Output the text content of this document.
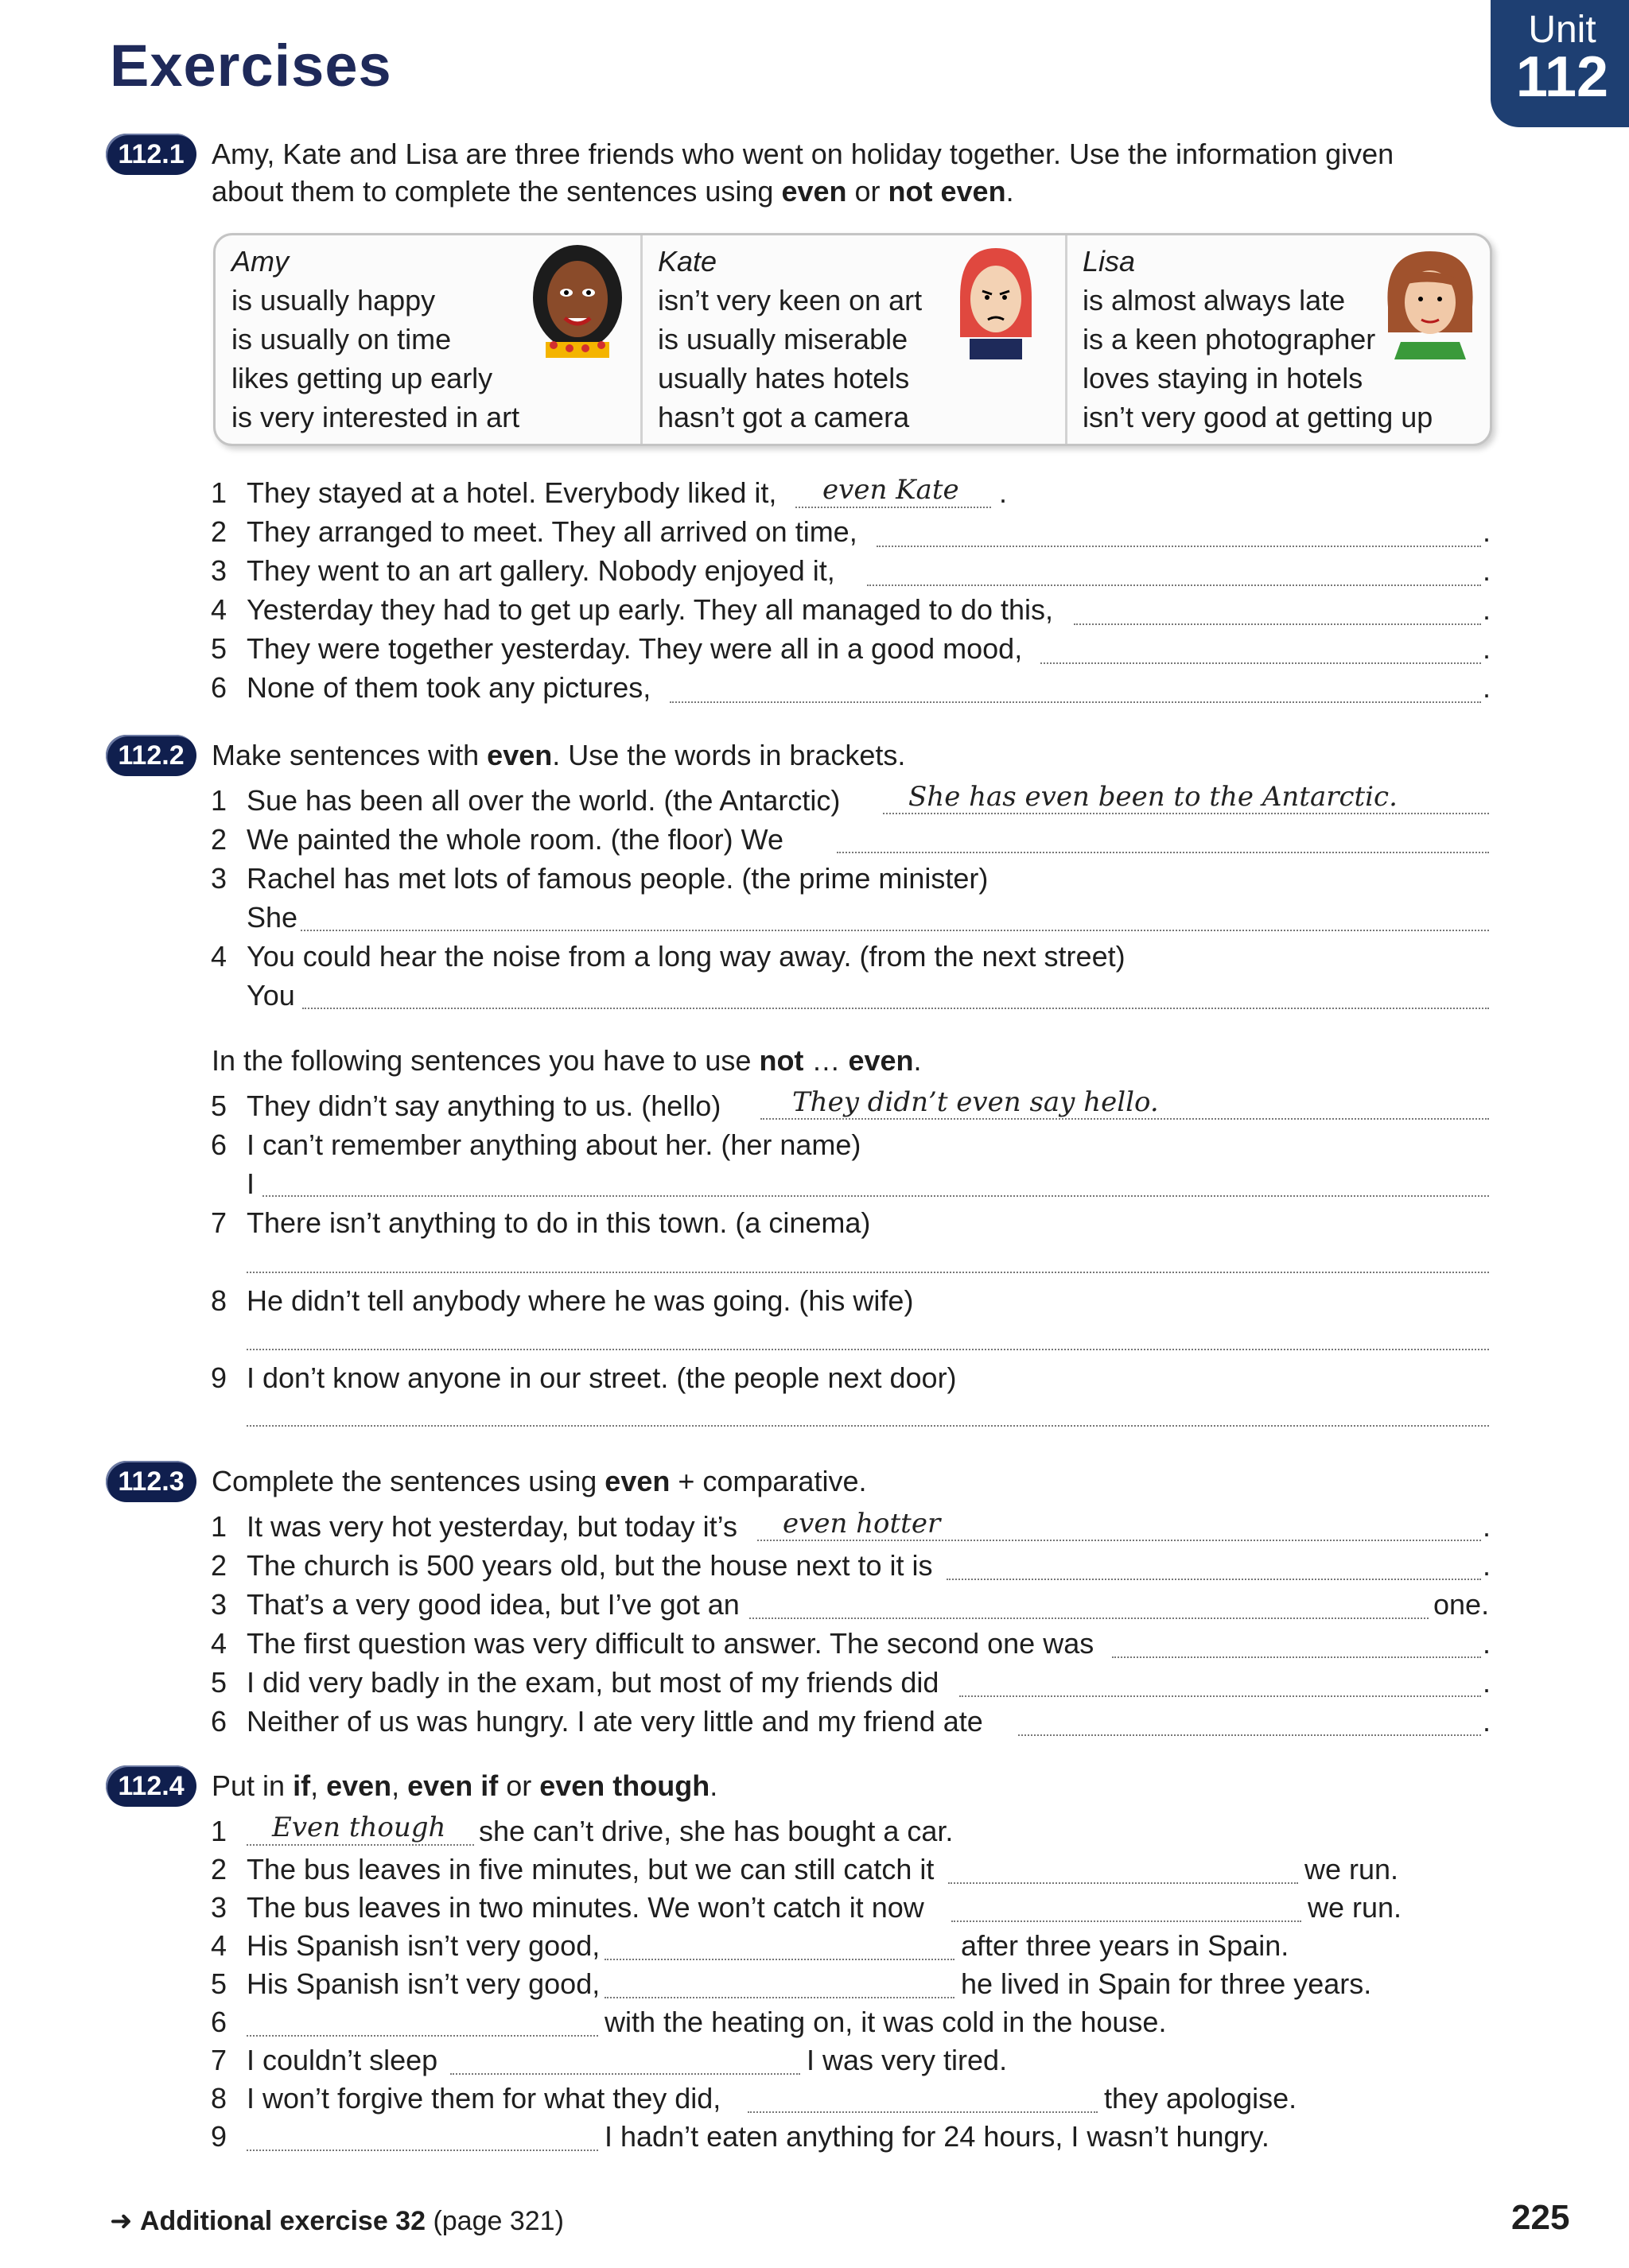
Exercises
Unit
112
112.1 Amy, Kate and Lisa are three friends who went on holiday together. Use the information given
about them to complete the sentences using even or not even.
Amy
is usually happy
is usually on time
likes getting up early
is very interested in art
Kate
isn’t very keen on art
is usually miserable
usually hates hotels
hasn’t got a camera
Lisa
is almost always late
is a keen photographer
loves staying in hotels
isn’t very good at getting up
1 They stayed at a hotel. Everybody liked it, even Kate .
2 They arranged to meet. They all arrived on time,	.
3 They went to an art gallery. Nobody enjoyed it,	.
4 Yesterday they had to get up early. They all managed to do this,	.
5 They were together yesterday. They were all in a good mood,	.
6 None of them took any pictures,	.
112.2 Make sentences with even. Use the words in brackets.
1 Sue has been all over the world. (the Antarctic)	She has even been to the Antarctic.
2 We painted the whole room. (the floor) We
3 Rachel has met lots of famous people. (the prime minister)
She
4 You could hear the noise from a long way away. (from the next street)
You
In the following sentences you have to use not … even.
5 They didn’t say anything to us. (hello)	They didn’t even say hello.
6 I can’t remember anything about her. (her name)
I
7 There isn’t anything to do in this town. (a cinema)
8 He didn’t tell anybody where he was going. (his wife)
9 I don’t know anyone in our street. (the people next door)
112.3 Complete the sentences using even + comparative.
1 It was very hot yesterday, but today it’s even hotter	.
2 The church is 500 years old, but the house next to it is	.
3 That’s a very good idea, but I’ve got an	one.
4 The first question was very difficult to answer. The second one was	.
5 I did very badly in the exam, but most of my friends did	.
6 Neither of us was hungry. I ate very little and my friend ate	.
112.4 Put in if, even, even if or even though.
1 Even though she can’t drive, she has bought a car.
2 The bus leaves in five minutes, but we can still catch it	we run.
3 The bus leaves in two minutes. We won’t catch it now	we run.
4 His Spanish isn’t very good,	after three years in Spain.
5 His Spanish isn’t very good,	he lived in Spain for three years.
6	with the heating on, it was cold in the house.
7 I couldn’t sleep	I was very tired.
8 I won’t forgive them for what they did,	they apologise.
9	I hadn’t eaten anything for 24 hours, I wasn’t hungry.
➜ Additional exercise 32 (page 321)	225
